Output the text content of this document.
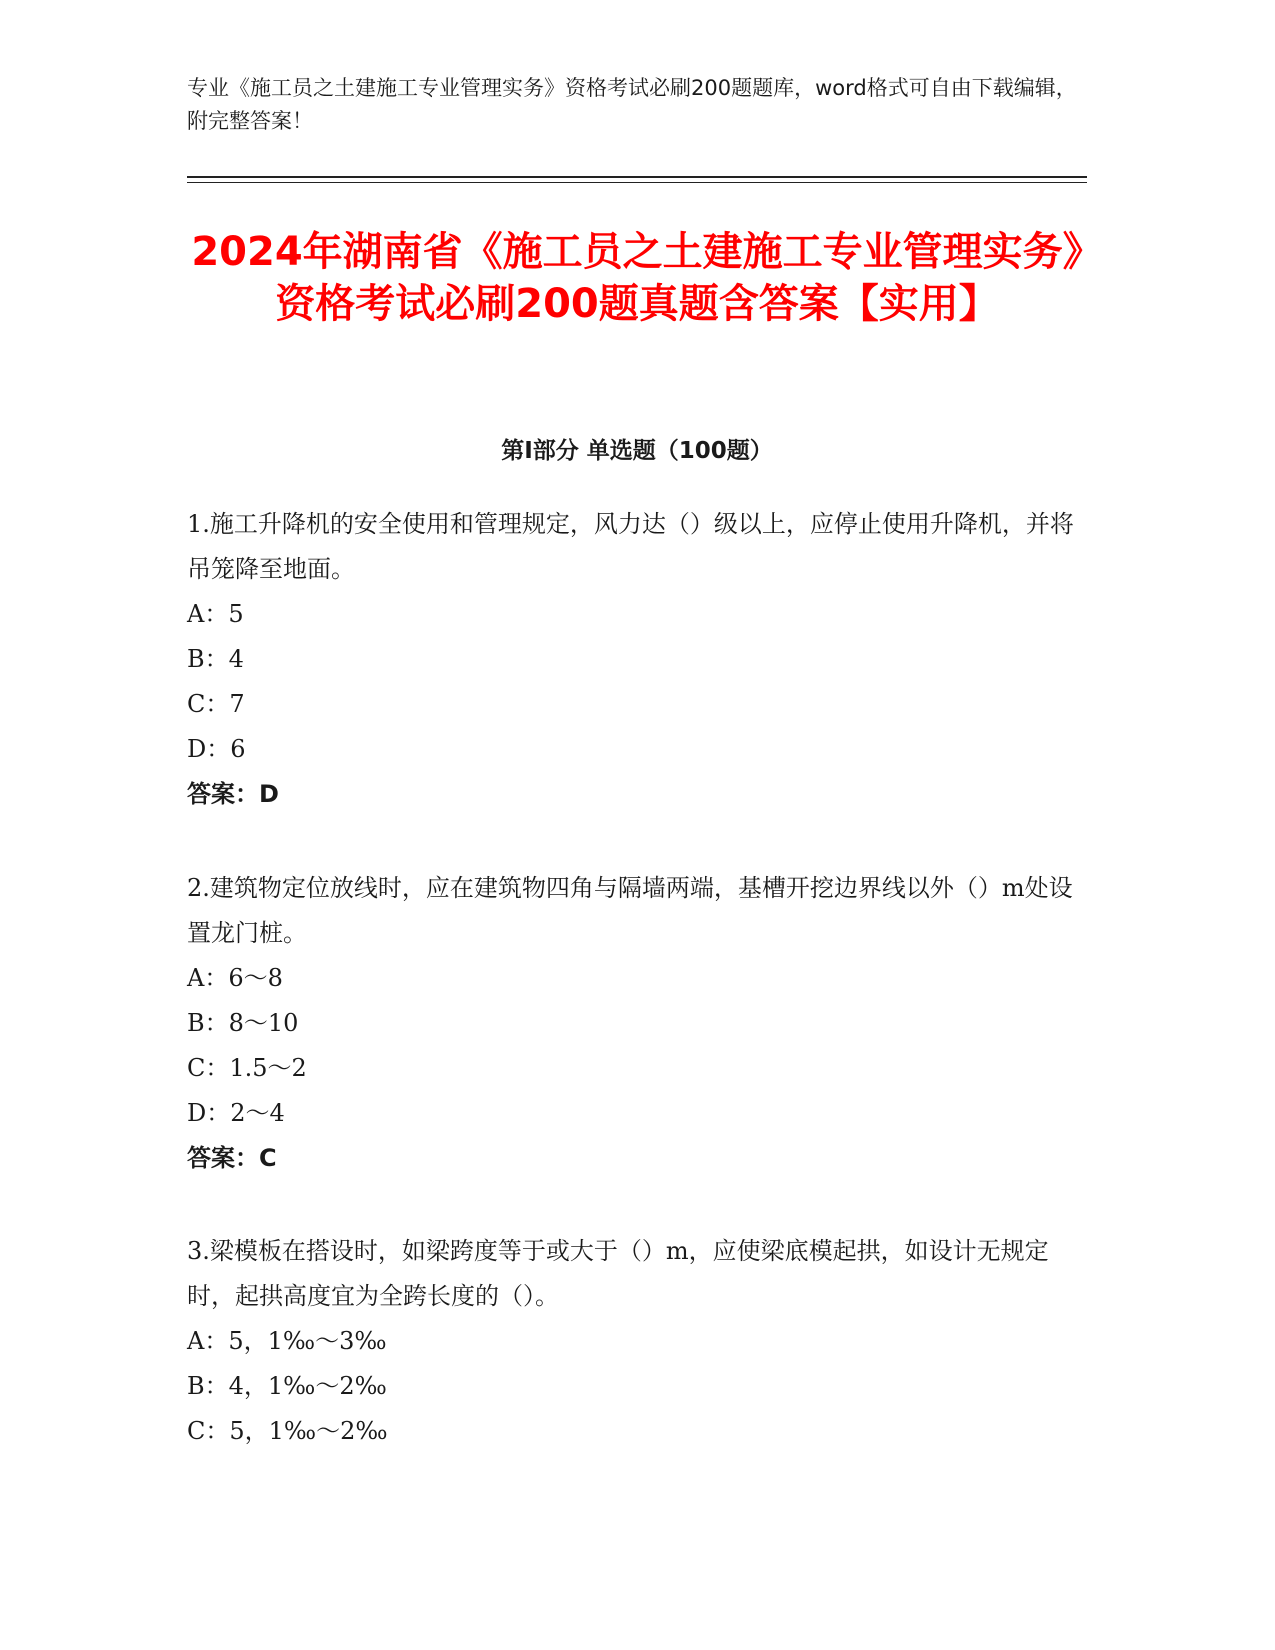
专业《施工员之土建施工专业管理实务》资格考试必刷200题题库，word格式可自由下载编辑，附完整答案！
2024年湖南省《施工员之土建施工专业管理实务》资格考试必刷200题真题含答案【实用】
第I部分 单选题（100题）

1.施工升降机的安全使用和管理规定，风力达（）级以上，应停止使用升降机，并将吊笼降至地面。

A：5

B：4

C：7

D：6

答案：D

2.建筑物定位放线时，应在建筑物四角与隔墙两端，基槽开挖边界线以外（）m处设置龙门桩。

A：6～8

B：8～10

C：1.5～2

D：2～4

答案：C

3.梁模板在搭设时，如梁跨度等于或大于（）m，应使梁底模起拱，如设计无规定时，起拱高度宜为全跨长度的（）。

A：5，1‰～3‰

B：4，1‰～2‰

C：5，1‰～2‰
